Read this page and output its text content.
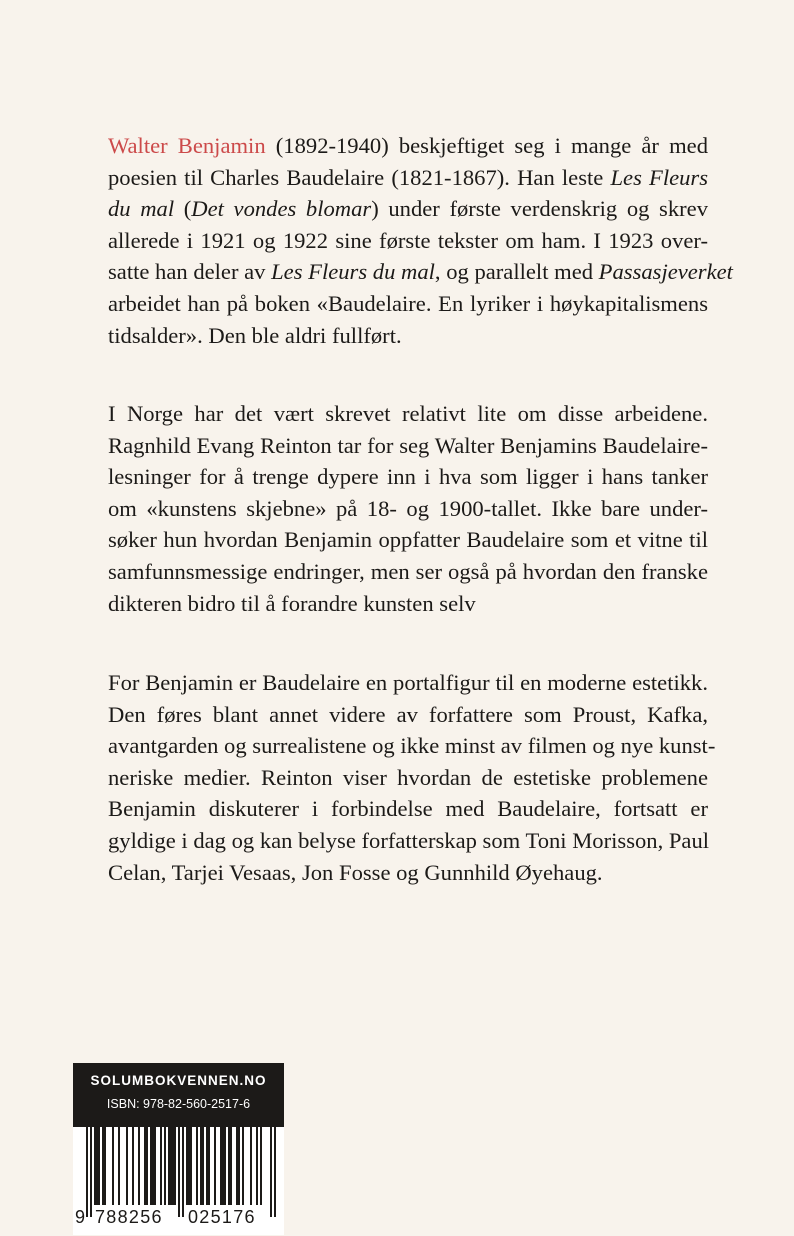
Walter Benjamin (1892-1940) beskjeftiget seg i mange år med
poesien til Charles Baudelaire (1821-1867). Han leste Les Fleurs
du mal (Det vondes blomar) under første verdenskrig og skrev
allerede i 1921 og 1922 sine første tekster om ham. I 1923 over-
satte han deler av Les Fleurs du mal, og parallelt med Passasjeverket
arbeidet han på boken «Baudelaire. En lyriker i høykapitalismens
tidsalder». Den ble aldri fullført.
I Norge har det vært skrevet relativt lite om disse arbeidene.
Ragnhild Evang Reinton tar for seg Walter Benjamins Baudelaire-
lesninger for å trenge dypere inn i hva som ligger i hans tanker
om «kunstens skjebne» på 18- og 1900-tallet. Ikke bare under-
søker hun hvordan Benjamin oppfatter Baudelaire som et vitne til
samfunnsmessige endringer, men ser også på hvordan den franske
dikteren bidro til å forandre kunsten selv
For Benjamin er Baudelaire en portalfigur til en moderne estetikk.
Den føres blant annet videre av forfattere som Proust, Kafka,
avantgarden og surrealistene og ikke minst av filmen og nye kunst-
neriske medier. Reinton viser hvordan de estetiske problemene
Benjamin diskuterer i forbindelse med Baudelaire, fortsatt er
gyldige i dag og kan belyse forfatterskap som Toni Morisson, Paul
Celan, Tarjei Vesaas, Jon Fosse og Gunnhild Øyehaug.
SOLUMBOKVENNEN.NO
ISBN: 978-82-560-2517-6
9 788256 025176
